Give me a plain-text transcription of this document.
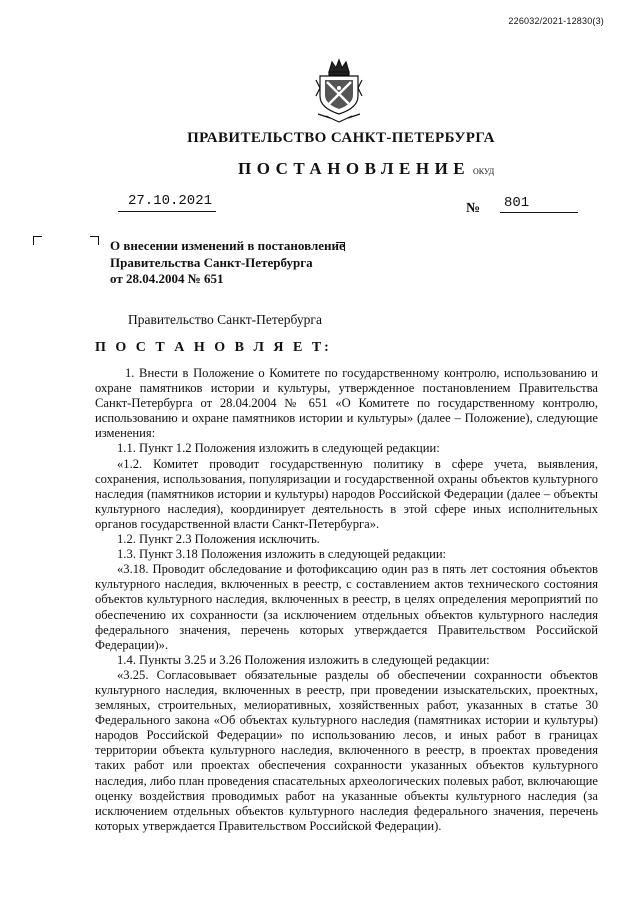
226032/2021-12830(3)
ПРАВИТЕЛЬСТВО САНКТ-ПЕТЕРБУРГА
ПОСТАНОВЛЕНИЕ ОКУД
27.10.2021	№ 801
О внесении изменений в постановление
Правительства Санкт-Петербурга
от 28.04.2004 № 651
Правительство Санкт-Петербурга
П О С Т А Н О В Л Я Е Т:

1. Внести в Положение о Комитете по государственному контролю, использованию и охране памятников истории и культуры, утвержденное постановлением Правительства Санкт-Петербурга от 28.04.2004 № 651 «О Комитете по государственному контролю, использованию и охране памятников истории и культуры» (далее – Положение), следующие изменения:

1.1. Пункт 1.2 Положения изложить в следующей редакции:

«1.2. Комитет проводит государственную политику в сфере учета, выявления, сохранения, использования, популяризации и государственной охраны объектов культурного наследия (памятников истории и культуры) народов Российской Федерации (далее – объекты культурного наследия), координирует деятельность в этой сфере иных исполнительных органов государственной власти Санкт-Петербурга».

1.2. Пункт 2.3 Положения исключить.

1.3. Пункт 3.18 Положения изложить в следующей редакции:

«3.18. Проводит обследование и фотофиксацию один раз в пять лет состояния объектов культурного наследия, включенных в реестр, с составлением актов технического состояния объектов культурного наследия, включенных в реестр, в целях определения мероприятий по обеспечению их сохранности (за исключением отдельных объектов культурного наследия федерального значения, перечень которых утверждается Правительством Российской Федерации)».

1.4. Пункты 3.25 и 3.26 Положения изложить в следующей редакции:

«3.25. Согласовывает обязательные разделы об обеспечении сохранности объектов культурного наследия, включенных в реестр, при проведении изыскательских, проектных, земляных, строительных, мелиоративных, хозяйственных работ, указанных в статье 30 Федерального закона «Об объектах культурного наследия (памятниках истории и культуры) народов Российской Федерации» по использованию лесов, и иных работ в границах территории объекта культурного наследия, включенного в реестр, в проектах проведения таких работ или проектах обеспечения сохранности указанных объектов культурного наследия, либо план проведения спасательных археологических полевых работ, включающие оценку воздействия проводимых работ на указанные объекты культурного наследия (за исключением отдельных объектов культурного наследия федерального значения, перечень которых утверждается Правительством Российской Федерации).
